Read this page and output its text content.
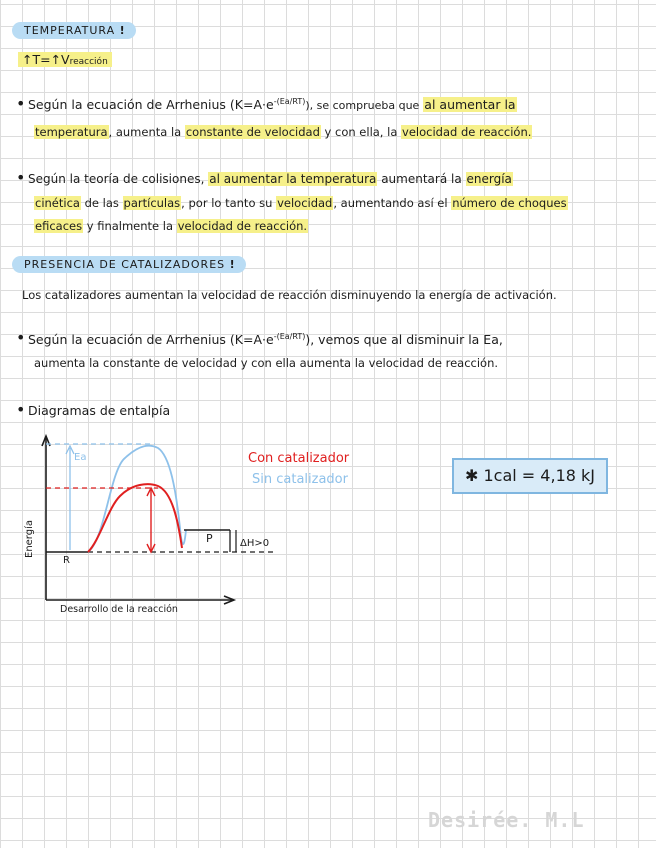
TEMPERATURA !
↑T=↑Vreacción
• Según la ecuación de Arrhenius $(K=A\cdot e^{-(Ea/RT)})$, se comprueba que al aumentar la
temperatura, aumenta la constante de velocidad y con ella, la velocidad de reacción.
• Según la teoría de colisiones, al aumentar la temperatura aumentará la energía
cinética de las partículas, por lo tanto su velocidad, aumentando así el número de choques
eficaces y finalmente la velocidad de reacción.
PRESENCIA DE CATALIZADORES !
Los catalizadores aumentan la velocidad de reacción disminuyendo la energía de activación.
• Según la ecuación de Arrhenius $(K=A\cdot e^{-(Ea/RT)})$, vemos que al disminuir la Ea,
aumenta la constante de velocidad y con ella aumenta la velocidad de reacción.
• Diagramas de entalpía
Ea
R
P	ΔH>0
Energía
Desarrollo de la reacción
Con catalizador
Sin catalizador	✱ 1cal = 4,18 kJ
Desirée. M.L
